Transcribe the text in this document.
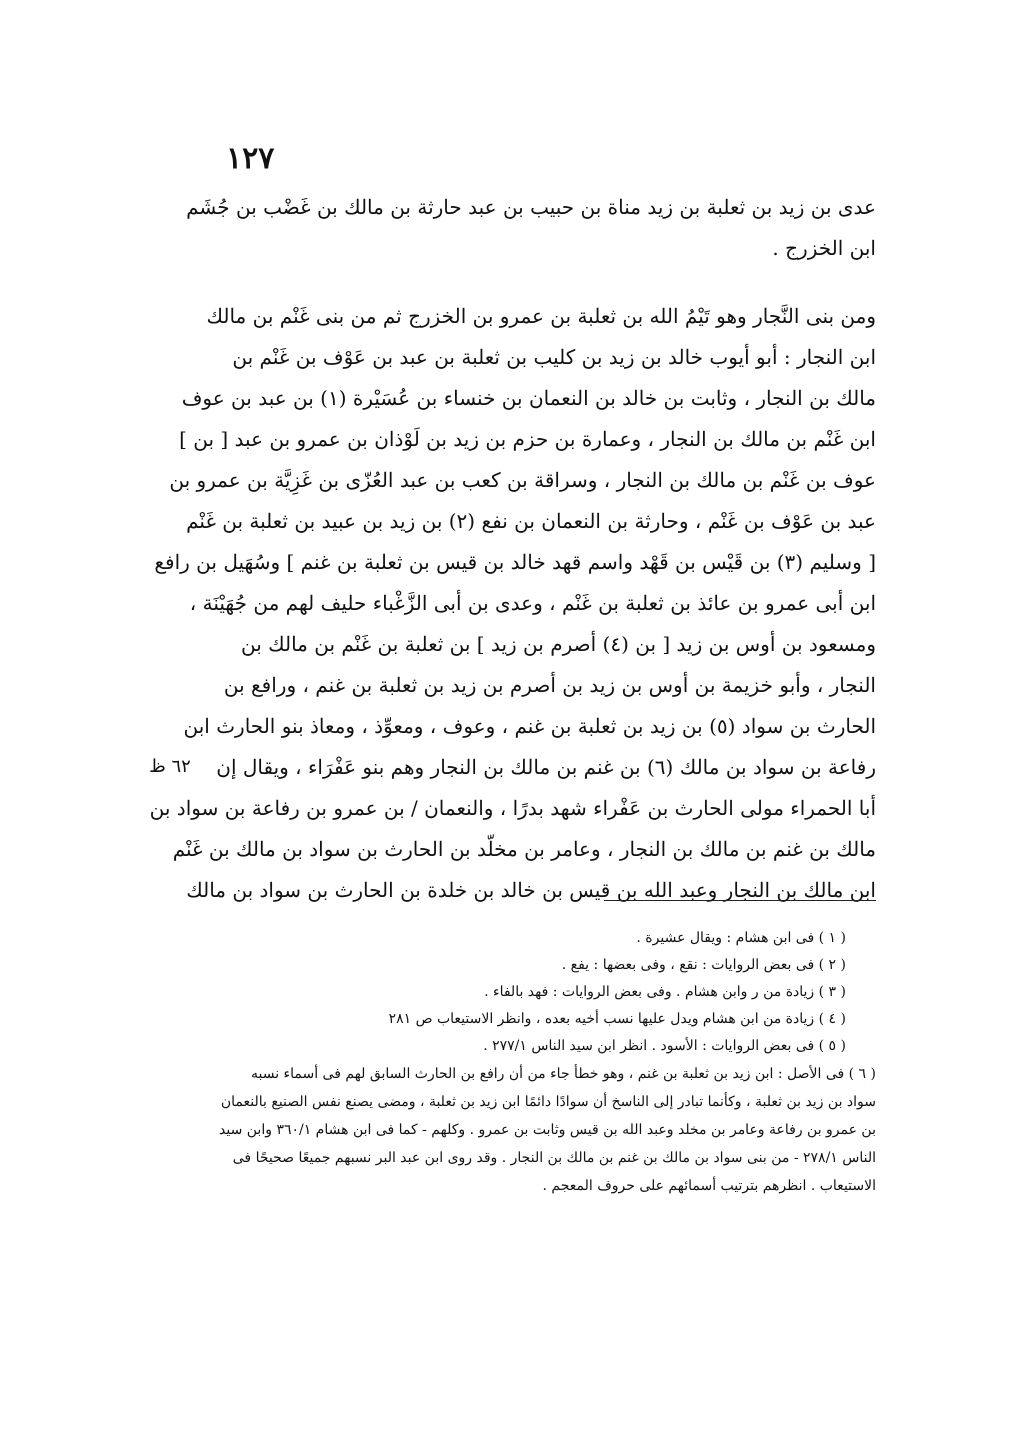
١٢٧
عدى بن زيد بن ثعلبة بن زيد مناة بن حبيب بن عبد حارثة بن مالك بن غَضْب بن جُشَم
ابن الخزرج .
ومن بنى النَّجار وهو تَيْمُ الله بن ثعلبة بن عمرو بن الخزرج ثم من بنى غَنْم بن مالك
ابن النجار : أبو أيوب خالد بن زيد بن كليب بن ثعلبة بن عبد بن عَوْف بن غَنْم بن
مالك بن النجار ، وثابت بن خالد بن النعمان بن خنساء بن عُسَيْرة (١) بن عبد بن عوف
ابن غَنْم بن مالك بن النجار ، وعمارة بن حزم بن زيد بن لَوْذان بن عمرو بن عبد [ بن ]
عوف بن غَنْم بن مالك بن النجار ، وسراقة بن كعب بن عبد العُزّى بن غَزِيَّة بن عمرو بن
عبد بن عَوْف بن غَنْم ، وحارثة بن النعمان بن نفع (٢) بن زيد بن عبيد بن ثعلبة بن غَنْم
[ وسليم (٣) بن قَيْس بن قَهْد واسم قهد خالد بن قيس بن ثعلبة بن غنم ] وسُهَيل بن رافع
ابن أبى عمرو بن عائذ بن ثعلبة بن غَنْم ، وعدى بن أبى الزَّغْباء حليف لهم من جُهَيْنَة ،
ومسعود بن أوس بن زيد [ بن (٤) أصرم بن زيد ] بن ثعلبة بن غَنْم بن مالك بن
النجار ، وأبو خزيمة بن أوس بن زيد بن أصرم بن زيد بن ثعلبة بن غنم ، ورافع بن
الحارث بن سواد (٥) بن زيد بن ثعلبة بن غنم ، وعوف ، ومعوِّذ ، ومعاذ بنو الحارث ابن
رفاعة بن سواد بن مالك (٦) بن غنم بن مالك بن النجار وهم بنو عَفْرَاء ، ويقال إن
أبا الحمراء مولى الحارث بن عَفْراء شهد بدرًا ، والنعمان / بن عمرو بن رفاعة بن سواد بن
مالك بن غنم بن مالك بن النجار ، وعامر بن مخلّد بن الحارث بن سواد بن مالك بن غَنْم
ابن مالك بن النجار وعبد الله بن قيس بن خالد بن خلدة بن الحارث بن سواد بن مالك
٦٢ ظ
( ١ ) فى ابن هشام : ويقال عشيرة .
( ٢ ) فى بعض الروايات : نقع ، وفى بعضها : يفع .
( ٣ ) زيادة من ر وابن هشام . وفى بعض الروايات : فهد بالفاء .
( ٤ ) زيادة من ابن هشام ويدل عليها نسب أخيه بعده ، وانظر الاستيعاب ص ٢٨١
( ٥ ) فى بعض الروايات : الأسود . انظر ابن سيد الناس ٢٧٧/١ .
( ٦ ) فى الأصل : ابن زيد بن ثعلبة بن غنم ، وهو خطأ جاء من أن رافع بن الحارث السابق لهم فى أسماء نسبه
سواد بن زيد بن ثعلبة ، وكأنما تبادر إلى الناسخ أن سوادًا دائمًا ابن زيد بن ثعلبة ، ومضى يصنع نفس الصنيع بالنعمان
بن عمرو بن رفاعة وعامر بن مخلد وعبد الله بن قيس وثابت بن عمرو . وكلهم - كما فى ابن هشام ٣٦٠/١ وابن سيد
الناس ٢٧٨/١ - من بنى سواد بن مالك بن غنم بن مالك بن النجار . وقد روى ابن عبد البر نسبهم جميعًا صحيحًا فى
الاستيعاب . انظرهم بترتيب أسمائهم على حروف المعجم .
